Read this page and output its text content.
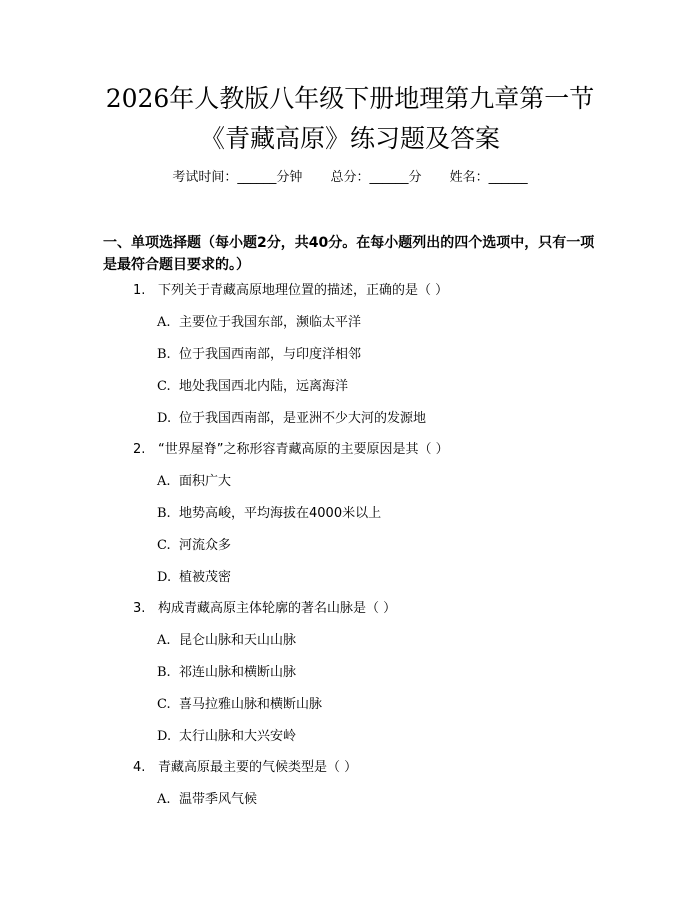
2026年人教版八年级下册地理第九章第一节
《青藏高原》练习题及答案
考试时间：______分钟 总分：______分 姓名：______
一、单项选择题（每小题2分，共40分。在每小题列出的四个选项中，只有一项是最符合题目要求的。）
1. 下列关于青藏高原地理位置的描述，正确的是（ ）
A. 主要位于我国东部，濒临太平洋
B. 位于我国西南部，与印度洋相邻
C. 地处我国西北内陆，远离海洋
D. 位于我国西南部，是亚洲不少大河的发源地
2. “世界屋脊”之称形容青藏高原的主要原因是其（ ）
A. 面积广大
B. 地势高峻，平均海拔在4000米以上
C. 河流众多
D. 植被茂密
3. 构成青藏高原主体轮廓的著名山脉是（ ）
A. 昆仑山脉和天山山脉
B. 祁连山脉和横断山脉
C. 喜马拉雅山脉和横断山脉
D. 太行山脉和大兴安岭
4. 青藏高原最主要的气候类型是（ ）
A. 温带季风气候
